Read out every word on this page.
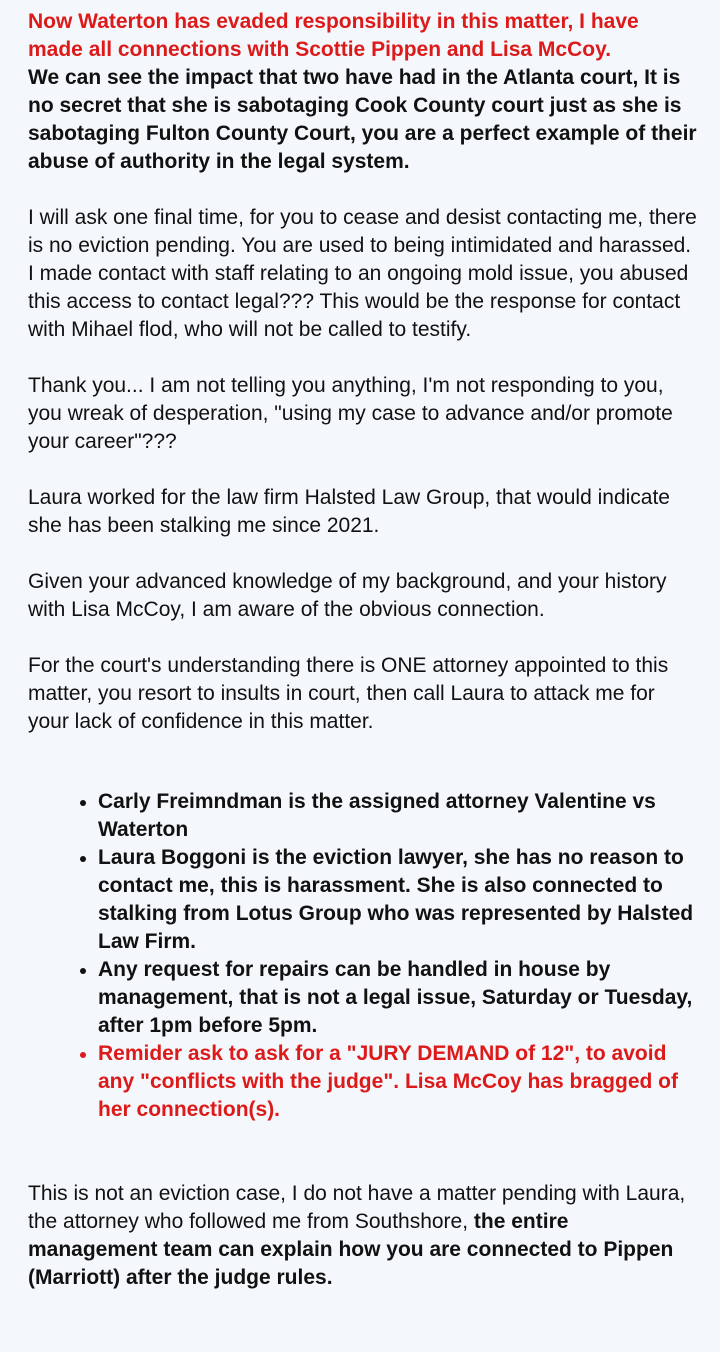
Now Waterton has evaded responsibility in this matter, I have made all connections with Scottie Pippen and Lisa McCoy.
We can see the impact that two have had in the Atlanta court, It is no secret that she is sabotaging Cook County court just as she is sabotaging Fulton County Court, you are a perfect example of their abuse of authority in the legal system.

I will ask one final time, for you to cease and desist contacting me, there is no eviction pending. You are used to being intimidated and harassed. I made contact with staff relating to an ongoing mold issue, you abused this access to contact legal??? This would be the response for contact with Mihael flod, who will not be called to testify.

Thank you... I am not telling you anything, I'm not responding to you, you wreak of desperation, "using my case to advance and/or promote your career"???

Laura worked for the law firm Halsted Law Group, that would indicate she has been stalking me since 2021.

Given your advanced knowledge of my background, and your history with Lisa McCoy, I am aware of the obvious connection.

For the court's understanding there is ONE attorney appointed to this matter, you resort to insults in court, then call Laura to attack me for your lack of confidence in this matter.

• Carly Freimndman is the assigned attorney Valentine vs Waterton
• Laura Boggoni is the eviction lawyer, she has no reason to contact me, this is harassment. She is also connected to stalking from Lotus Group who was represented by Halsted Law Firm.
• Any request for repairs can be handled in house by management, that is not a legal issue, Saturday or Tuesday, after 1pm before 5pm.
• Remider ask to ask for a "JURY DEMAND of 12", to avoid any "conflicts with the judge". Lisa McCoy has bragged of her connection(s).

This is not an eviction case, I do not have a matter pending with Laura, the attorney who followed me from Southshore, the entire management team can explain how you are connected to Pippen (Marriott) after the judge rules.
